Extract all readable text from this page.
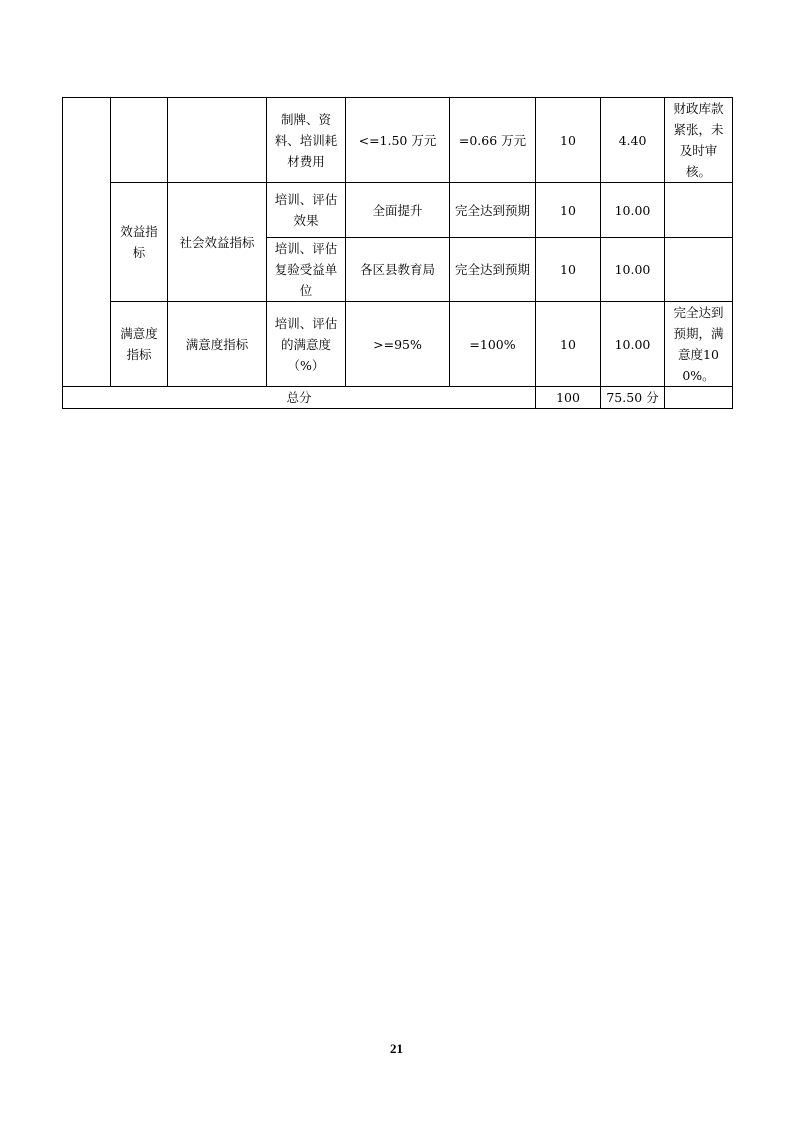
			制牌、资料、培训耗材费用	<=1.50 万元	=0.66 万元	10	4.40	财政库款紧张，未及时审核。
	效益指标	社会效益指标	培训、评估效果	全面提升	完全达到预期	10	10.00	
			培训、评估复验受益单位	各区县教育局	完全达到预期	10	10.00	
	满意度指标	满意度指标	培训、评估的满意度（%）	>=95%	=100%	10	10.00	完全达到预期，满意度100%。
总分						100	75.50 分	
21
